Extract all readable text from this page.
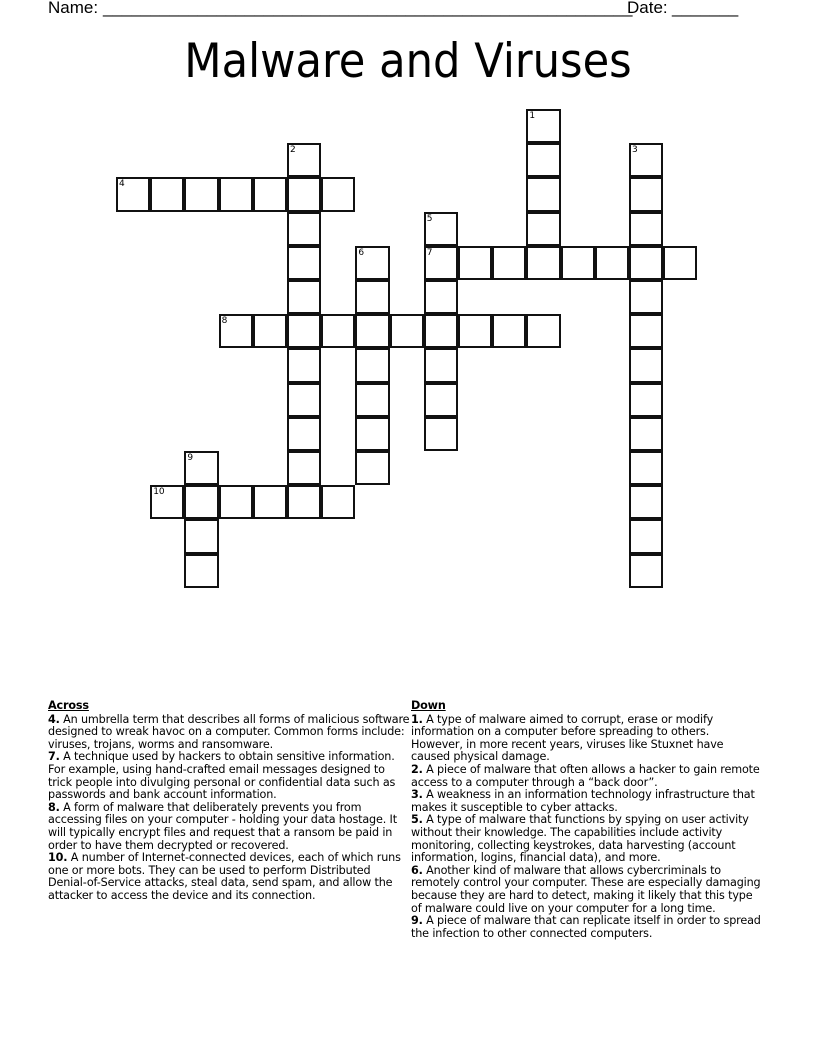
Name:

________________________________________________________

Date:

_______

Malware and Viruses
1
2	3
4
5
7
6
8
9
10
Across
4. An umbrella term that describes all forms of malicious software designed to wreak havoc on a computer. Common forms include: viruses, trojans, worms and ransomware.
7. A technique used by hackers to obtain sensitive information. For example, using hand-crafted email messages designed to trick people into divulging personal or confidential data such as passwords and bank account information.
8. A form of malware that deliberately prevents you from accessing files on your computer - holding your data hostage. It will typically encrypt files and request that a ransom be paid in order to have them decrypted or recovered.
10. A number of Internet-connected devices, each of which runs one or more bots. They can be used to perform Distributed Denial-of-Service attacks, steal data, send spam, and allow the attacker to access the device and its connection.
Down
1. A type of malware aimed to corrupt, erase or modify information on a computer before spreading to others. However, in more recent years, viruses like Stuxnet have caused physical damage.
2. A piece of malware that often allows a hacker to gain remote access to a computer through a “back door”.
3. A weakness in an information technology infrastructure that makes it susceptible to cyber attacks.
5. A type of malware that functions by spying on user activity without their knowledge. The capabilities include activity monitoring, collecting keystrokes, data harvesting (account information, logins, financial data), and more.
6. Another kind of malware that allows cybercriminals to remotely control your computer. These are especially damaging because they are hard to detect, making it likely that this type of malware could live on your computer for a long time.
9. A piece of malware that can replicate itself in order to spread the infection to other connected computers.
